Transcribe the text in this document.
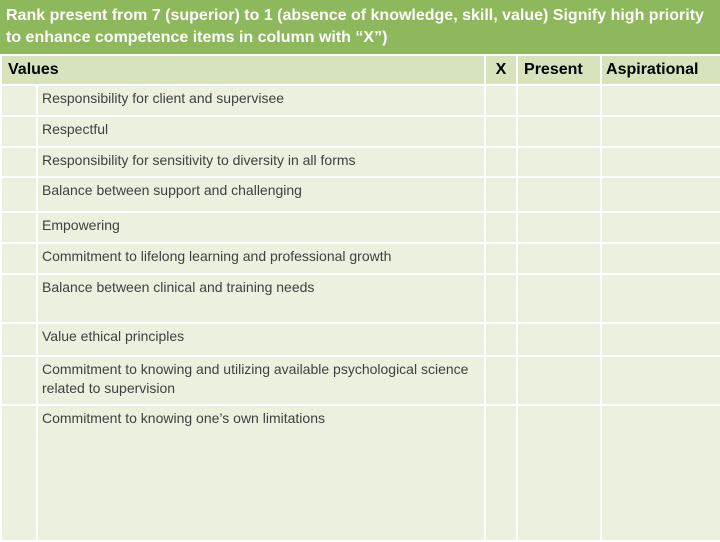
Rank present from 7 (superior) to 1 (absence of knowledge, skill, value) Signify high priority to enhance competence items in column with “X”)
Values		X	Present	Aspirational
	Responsibility for client and supervisee			
	Respectful			
	Responsibility for sensitivity to diversity in all forms			
	Balance between support and challenging			
	Empowering			
	Commitment to lifelong learning and professional growth			
	Balance between clinical and training needs			
	Value ethical principles			
	Commitment to knowing and utilizing available psychological science related to supervision			
	Commitment to knowing one’s own limitations			
